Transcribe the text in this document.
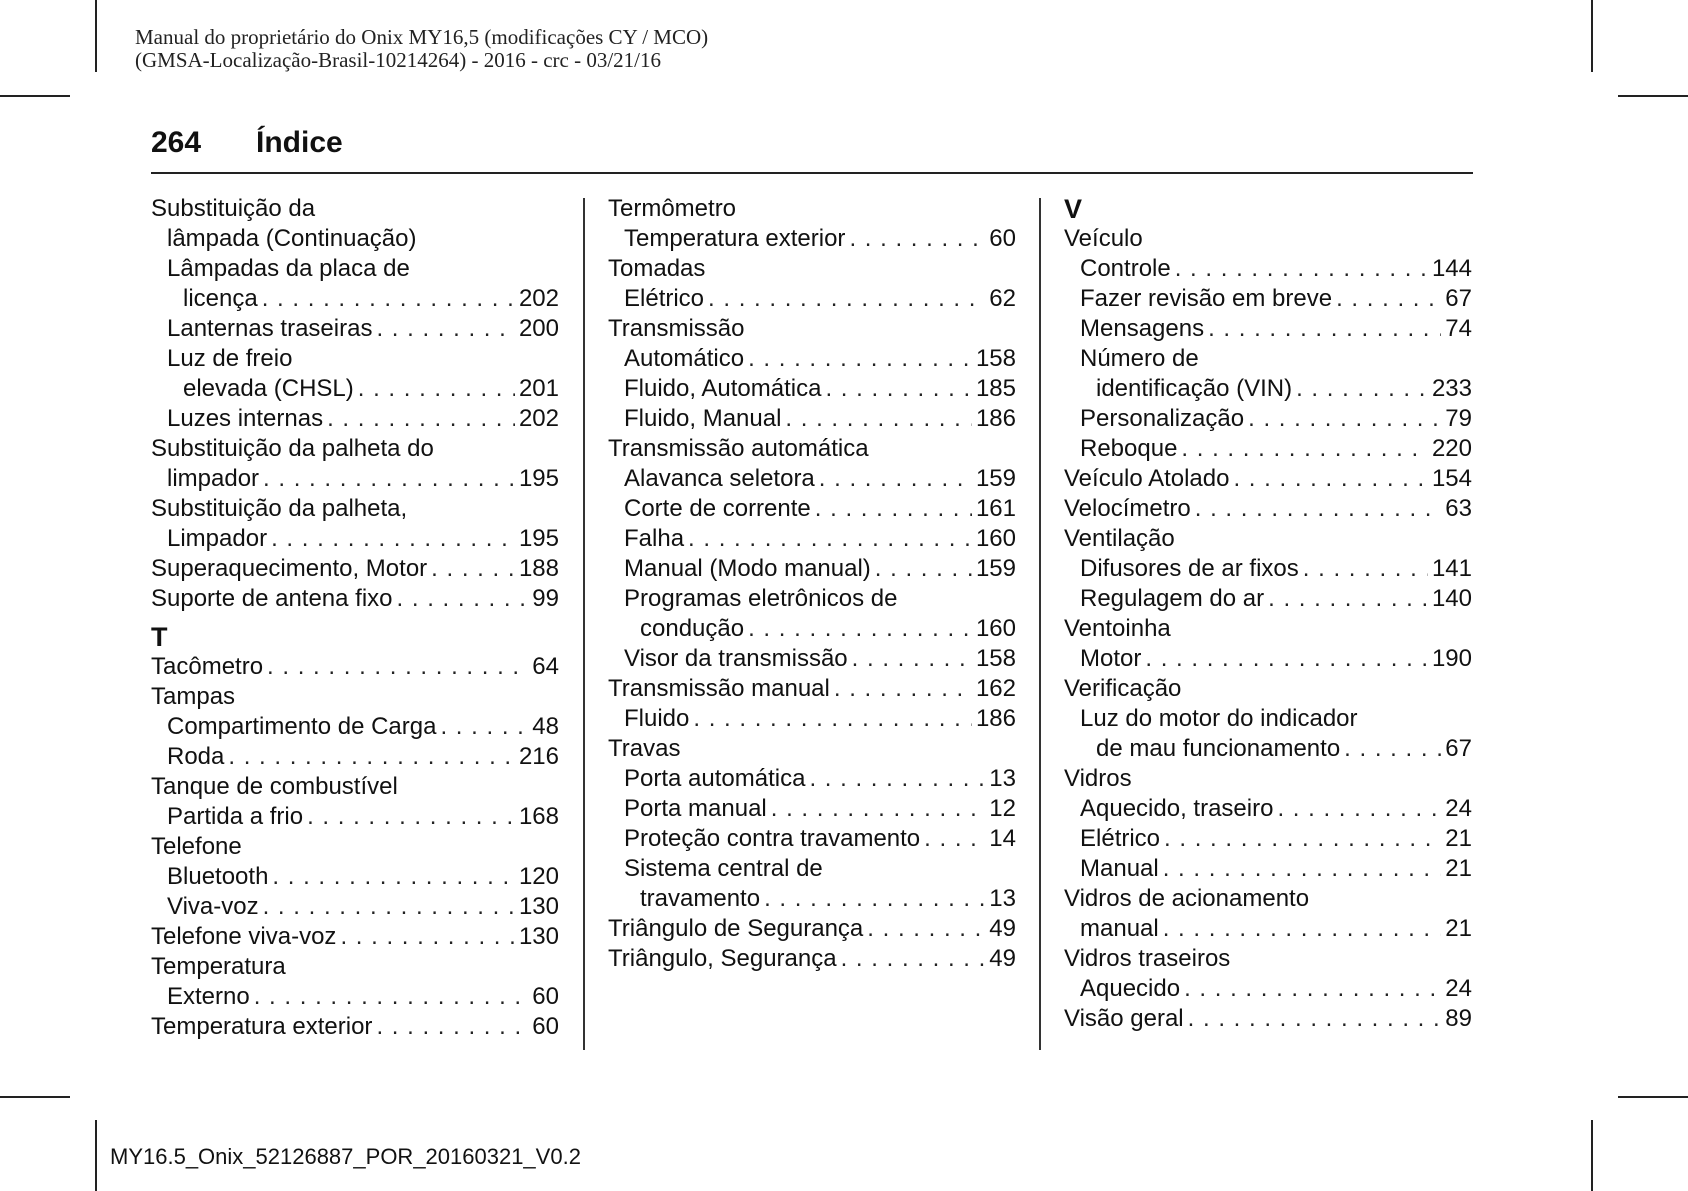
Manual do proprietário do Onix MY16,5 (modificações CY / MCO)
(GMSA-Localização-Brasil-10214264) - 2016 - crc - 03/21/16
264 Índice
Substituição da
lâmpada (Continuação)
Lâmpadas da placa de
licença . . .	202
Lanternas traseiras . . .	200
Luz de freio
elevada (CHSL) . . .	201
Luzes internas . . .	202
Substituição da palheta do
limpador . . .	195
Substituição da palheta,
Limpador . . .	195
Superaquecimento, Motor . . .	188
Suporte de antena fixo . . .	99
T
Tacômetro . . .	64
Tampas
Compartimento de Carga . . .	48
Roda . . .	216
Tanque de combustível
Partida a frio . . .	168
Telefone
Bluetooth . . .	120
Viva-voz . . .	130
Telefone viva-voz . . .	130
Temperatura
Externo . . .	60
Temperatura exterior . . .	60
Termômetro
Temperatura exterior . . .	60
Tomadas
Elétrico . . .	62
Transmissão
Automático . . .	158
Fluido, Automática . . .	185
Fluido, Manual . . .	186
Transmissão automática
Alavanca seletora . . .	159
Corte de corrente . . .	161
Falha . . .	160
Manual (Modo manual) . . .	159
Programas eletrônicos de
condução . . .	160
Visor da transmissão . . .	158
Transmissão manual . . .	162
Fluido . . .	186
Travas
Porta automática . . .	13
Porta manual . . .	12
Proteção contra travamento . . .	14
Sistema central de
travamento . . .	13
Triângulo de Segurança . . .	49
Triângulo, Segurança . . .	49
V
Veículo
Controle . . .	144
Fazer revisão em breve . . .	67
Mensagens . . .	74
Número de
identificação (VIN) . . .	233
Personalização . . .	79
Reboque . . .	220
Veículo Atolado . . .	154
Velocímetro . . .	63
Ventilação
Difusores de ar fixos . . .	141
Regulagem do ar . . .	140
Ventoinha
Motor . . .	190
Verificação
Luz do motor do indicador
de mau funcionamento . . .	67
Vidros
Aquecido, traseiro . . .	24
Elétrico . . .	21
Manual . . .	21
Vidros de acionamento
manual . . .	21
Vidros traseiros
Aquecido . . .	24
Visão geral . . .	89
MY16.5_Onix_52126887_POR_20160321_V0.2
